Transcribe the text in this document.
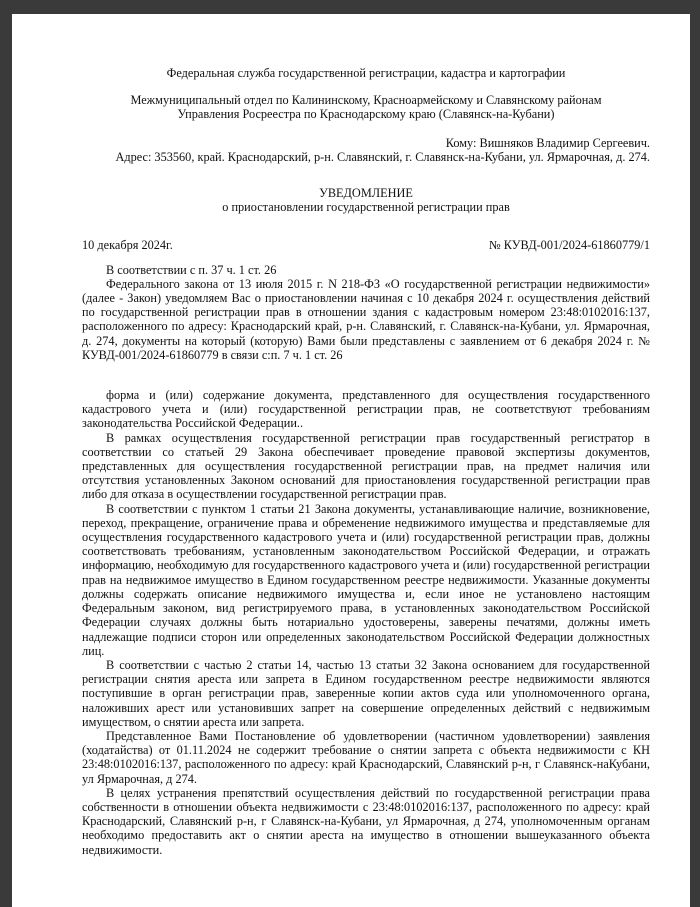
Федеральная служба государственной регистрации, кадастра и картографии
Межмуниципальный отдел по Калининскому, Красноармейскому и Славянскому районам
Управления Росреестра по Краснодарскому краю (Славянск-на-Кубани)
Кому: Вишняков Владимир Сергеевич.
Адрес: 353560, край. Краснодарский, р-н. Славянский, г. Славянск-на-Кубани, ул. Ярмарочная, д. 274.
УВЕДОМЛЕНИЕ
о приостановлении государственной регистрации прав
10 декабря 2024г.	№ КУВД-001/2024-61860779/1

В соответствии с п. 37 ч. 1 ст. 26

Федерального закона от 13 июля 2015 г. N 218-ФЗ «О государственной регистрации недвижимости» (далее - Закон) уведомляем Вас о приостановлении начиная с 10 декабря 2024 г. осуществления действий по государственной регистрации прав в отношении здания с кадастровым номером 23:48:0102016:137, расположенного по адресу: Краснодарский край, р-н. Славянский, г. Славянск-на-Кубани, ул. Ярмарочная, д. 274, документы на который (которую) Вами были представлены с заявлением от 6 декабря 2024 г. № КУВД-001/2024-61860779 в связи с:п. 7 ч. 1 ст. 26

форма и (или) содержание документа, представленного для осуществления государственного кадастрового учета и (или) государственной регистрации прав, не соответствуют требованиям законодательства Российской Федерации..

В рамках осуществления государственной регистрации прав государственный регистратор в соответствии со статьей 29 Закона обеспечивает проведение правовой экспертизы документов, представленных для осуществления государственной регистрации прав, на предмет наличия или отсутствия установленных Законом оснований для приостановления государственной регистрации прав либо для отказа в осуществлении государственной регистрации прав.

В соответствии с пунктом 1 статьи 21 Закона документы, устанавливающие наличие, возникновение, переход, прекращение, ограничение права и обременение недвижимого имущества и представляемые для осуществления государственного кадастрового учета и (или) государственной регистрации прав, должны соответствовать требованиям, установленным законодательством Российской Федерации, и отражать информацию, необходимую для государственного кадастрового учета и (или) государственной регистрации прав на недвижимое имущество в Едином государственном реестре недвижимости. Указанные документы должны содержать описание недвижимого имущества и, если иное не установлено настоящим Федеральным законом, вид регистрируемого права, в установленных законодательством Российской Федерации случаях должны быть нотариально удостоверены, заверены печатями, должны иметь надлежащие подписи сторон или определенных законодательством Российской Федерации должностных лиц.

В соответствии с частью 2 статьи 14, частью 13 статьи 32 Закона основанием для государственной регистрации снятия ареста или запрета в Едином государственном реестре недвижимости являются поступившие в орган регистрации прав, заверенные копии актов суда или уполномоченного органа, наложивших арест или установивших запрет на совершение определенных действий с недвижимым имуществом, о снятии ареста или запрета.

Представленное Вами Постановление об удовлетворении (частичном удовлетворении) заявления (ходатайства) от 01.11.2024 не содержит требование о снятии запрета с объекта недвижимости с КН 23:48:0102016:137, расположенного по адресу: край Краснодарский, Славянский р-н, г Славянск-наКубани, ул Ярмарочная, д 274.

В целях устранения препятствий осуществления действий по государственной регистрации права собственности в отношении объекта недвижимости с 23:48:0102016:137, расположенного по адресу: край Краснодарский, Славянский р-н, г Славянск-на-Кубани, ул Ярмарочная, д 274, уполномоченным органам необходимо предоставить акт о снятии ареста на имущество в отношении вышеуказанного объекта недвижимости.
